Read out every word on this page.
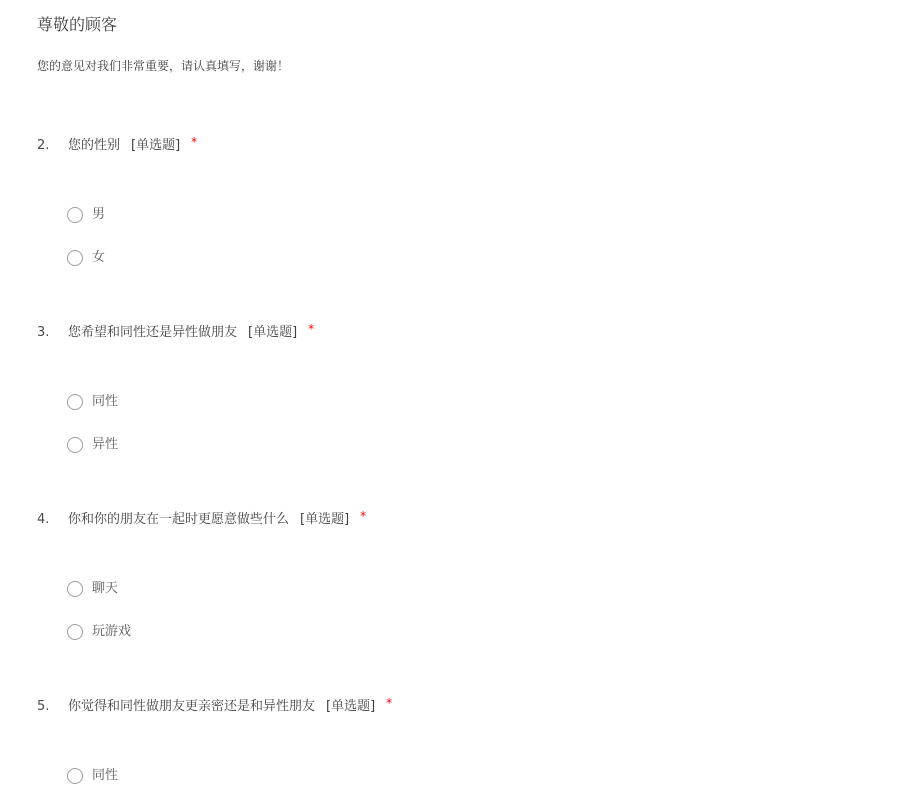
尊敬的顾客

您的意见对我们非常重要，请认真填写，谢谢！

2. 您的性别 [单选题] *
男
女
3. 您希望和同性还是异性做朋友 [单选题] *
同性
异性
4. 你和你的朋友在一起时更愿意做些什么 [单选题] *
聊天
玩游戏
5. 你觉得和同性做朋友更亲密还是和异性朋友 [单选题] *
同性
